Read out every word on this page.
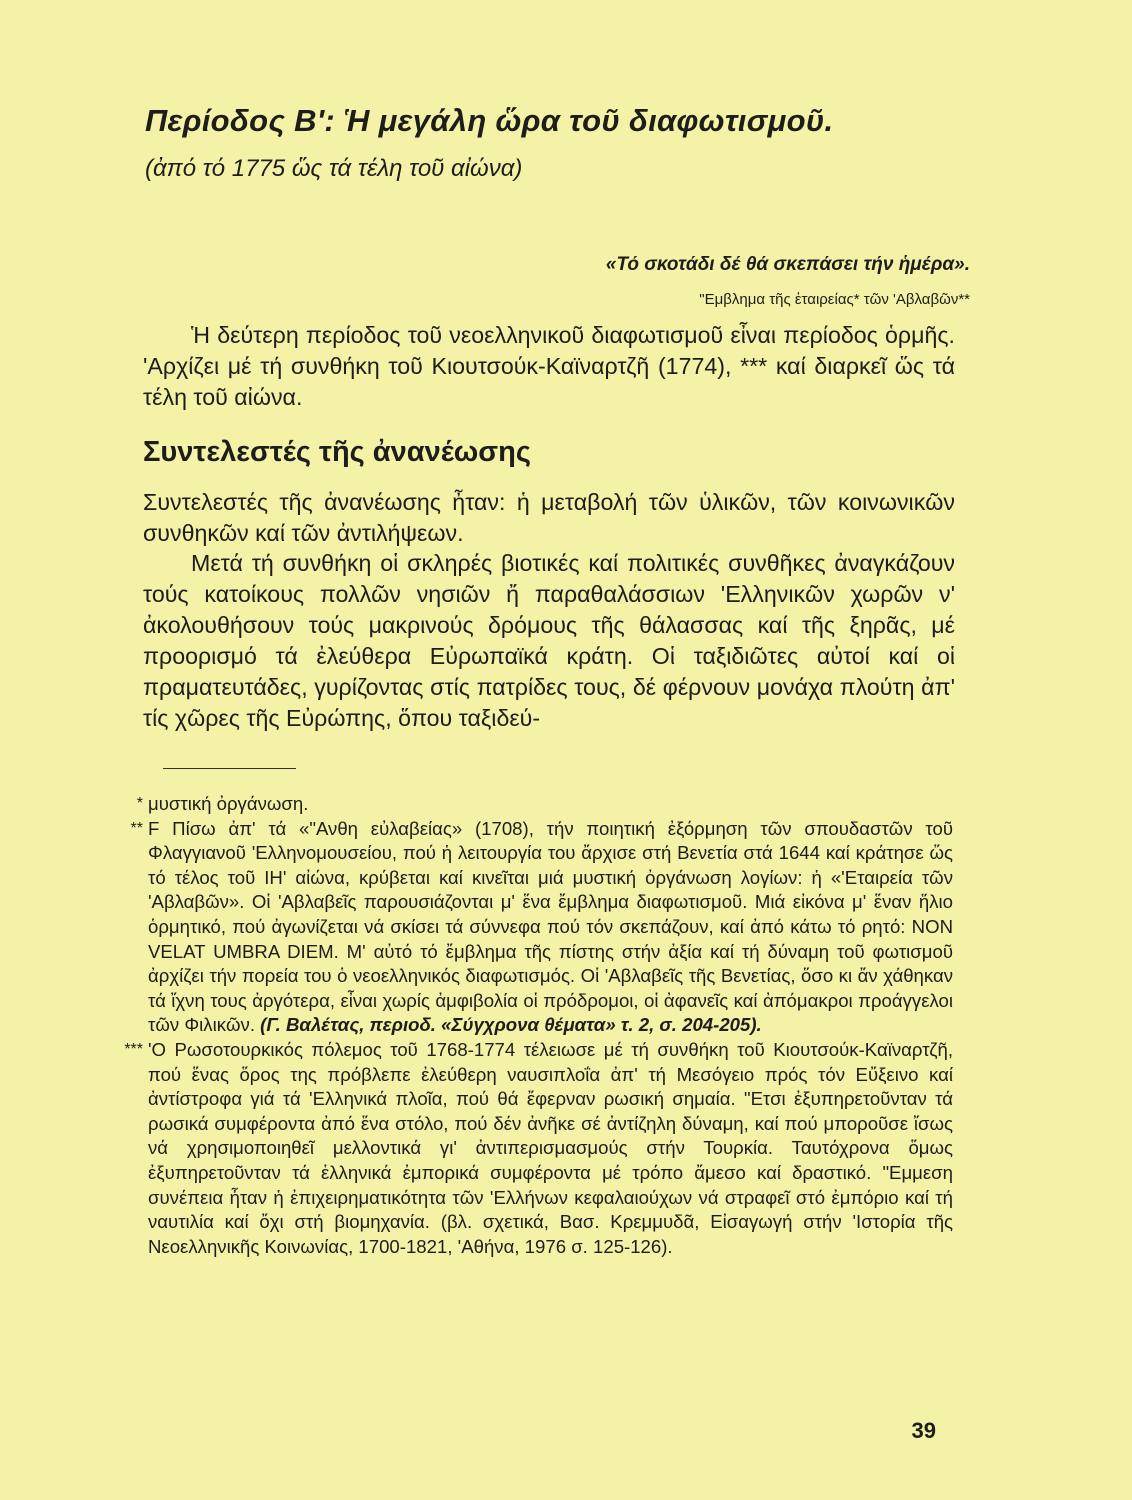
Περίοδος Β': Ἡ μεγάλη ὥρα τοῦ διαφωτισμοῦ.

(ἀπό τό 1775 ὥς τά τέλη τοῦ αἰώνα)

«Τό σκοτάδι δέ θά σκεπάσει τήν ἡμέρα».

"Εμβλημα τῆς ἑταιρείας* τῶν 'Αβλαβῶν**

Ἡ δεύτερη περίοδος τοῦ νεοελληνικοῦ διαφωτισμοῦ εἶναι περίοδος ὁρμῆς. 'Αρχίζει μέ τή συνθήκη τοῦ Κιουτσούκ-Καϊναρτζῆ (1774), *** καί διαρκεῖ ὥς τά τέλη τοῦ αἰώνα.

Συντελεστές τῆς ἀνανέωσης

Συντελεστές τῆς ἀνανέωσης ἦταν: ἡ μεταβολή τῶν ὑλικῶν, τῶν κοινωνικῶν συνθηκῶν καί τῶν ἀντιλήψεων.

Μετά τή συνθήκη οἱ σκληρές βιοτικές καί πολιτικές συνθῆκες ἀναγκάζουν τούς κατοίκους πολλῶν νησιῶν ἤ παραθαλάσσιων 'Ελληνικῶν χωρῶν ν' ἀκολουθήσουν τούς μακρινούς δρόμους τῆς θάλασσας καί τῆς ξηρᾶς, μέ προορισμό τά ἐλεύθερα Εὐρωπαϊκά κράτη. Οἱ ταξιδιῶτες αὐτοί καί οἱ πραματευτάδες, γυρίζοντας στίς πατρίδες τους, δέ φέρνουν μονάχα πλούτη ἀπ' τίς χῶρες τῆς Εὐρώπης, ὅπου ταξιδεύ-

* μυστική ὀργάνωση.
** F Πίσω ἀπ' τά «"Ανθη εὐλαβείας» (1708), τήν ποιητική ἐξόρμηση τῶν σπουδαστῶν τοῦ Φλαγγιανοῦ 'Ελληνομουσείου, πού ἡ λειτουργία του ἄρχισε στή Βενετία στά 1644 καί κράτησε ὥς τό τέλος τοῦ ΙΗ' αἰώνα, κρύβεται καί κινεῖται μιά μυστική ὀργάνωση λογίων: ἡ «'Εταιρεία τῶν 'Αβλαβῶν». Οἱ 'Αβλαβεῖς παρουσιάζονται μ' ἕνα ἔμβλημα διαφωτισμοῦ. Μιά εἰκόνα μ' ἕναν ἥλιο ὁρμητικό, πού ἀγωνίζεται νά σκίσει τά σύννεφα πού τόν σκεπάζουν, καί ἀπό κάτω τό ρητό: NON VELAT UMBRA DIEM. Μ' αὐτό τό ἔμβλημα τῆς πίστης στήν ἀξία καί τή δύναμη τοῦ φωτισμοῦ ἀρχίζει τήν πορεία του ὁ νεοελληνικός διαφωτισμός. Οἱ 'Αβλαβεῖς τῆς Βενετίας, ὅσο κι ἄν χάθηκαν τά ἴχνη τους ἀργότερα, εἶναι χωρίς ἀμφιβολία οἱ πρόδρομοι, οἱ ἀφανεῖς καί ἀπόμακροι προάγγελοι τῶν Φιλικῶν. (Γ. Βαλέτας, περιοδ. «Σύγχρονα θέματα» τ. 2, σ. 204-205).
*** 'Ο Ρωσοτουρκικός πόλεμος τοῦ 1768-1774 τέλειωσε μέ τή συνθήκη τοῦ Κιουτσούκ-Καϊναρτζῆ, πού ἕνας ὅρος της πρόβλεπε ἐλεύθερη ναυσιπλοΐα ἀπ' τή Μεσόγειο πρός τόν Εὔξεινο καί ἀντίστροφα γιά τά 'Ελληνικά πλοῖα, πού θά ἔφερναν ρωσική σημαία. "Ετσι ἐξυπηρετοῦνταν τά ρωσικά συμφέροντα ἀπό ἕνα στόλο, πού δέν ἀνῆκε σέ ἀντίζηλη δύναμη, καί πού μποροῦσε ἴσως νά χρησιμοποιηθεῖ μελλοντικά γι' ἀντιπερισμασμούς στήν Τουρκία. Ταυτόχρονα ὅμως ἐξυπηρετοῦνταν τά ἑλληνικά ἐμπορικά συμφέροντα μέ τρόπο ἄμεσο καί δραστικό. "Εμμεση συνέπεια ἦταν ἡ ἐπιχειρηματικότητα τῶν 'Ελλήνων κεφαλαιούχων νά στραφεῖ στό ἐμπόριο καί τή ναυτιλία καί ὄχι στή βιομηχανία. (βλ. σχετικά, Βασ. Κρεμμυδᾶ, Εἰσαγωγή στήν 'Ιστορία τῆς Νεοελληνικῆς Κοινωνίας, 1700-1821, 'Αθήνα, 1976 σ. 125-126).

39
